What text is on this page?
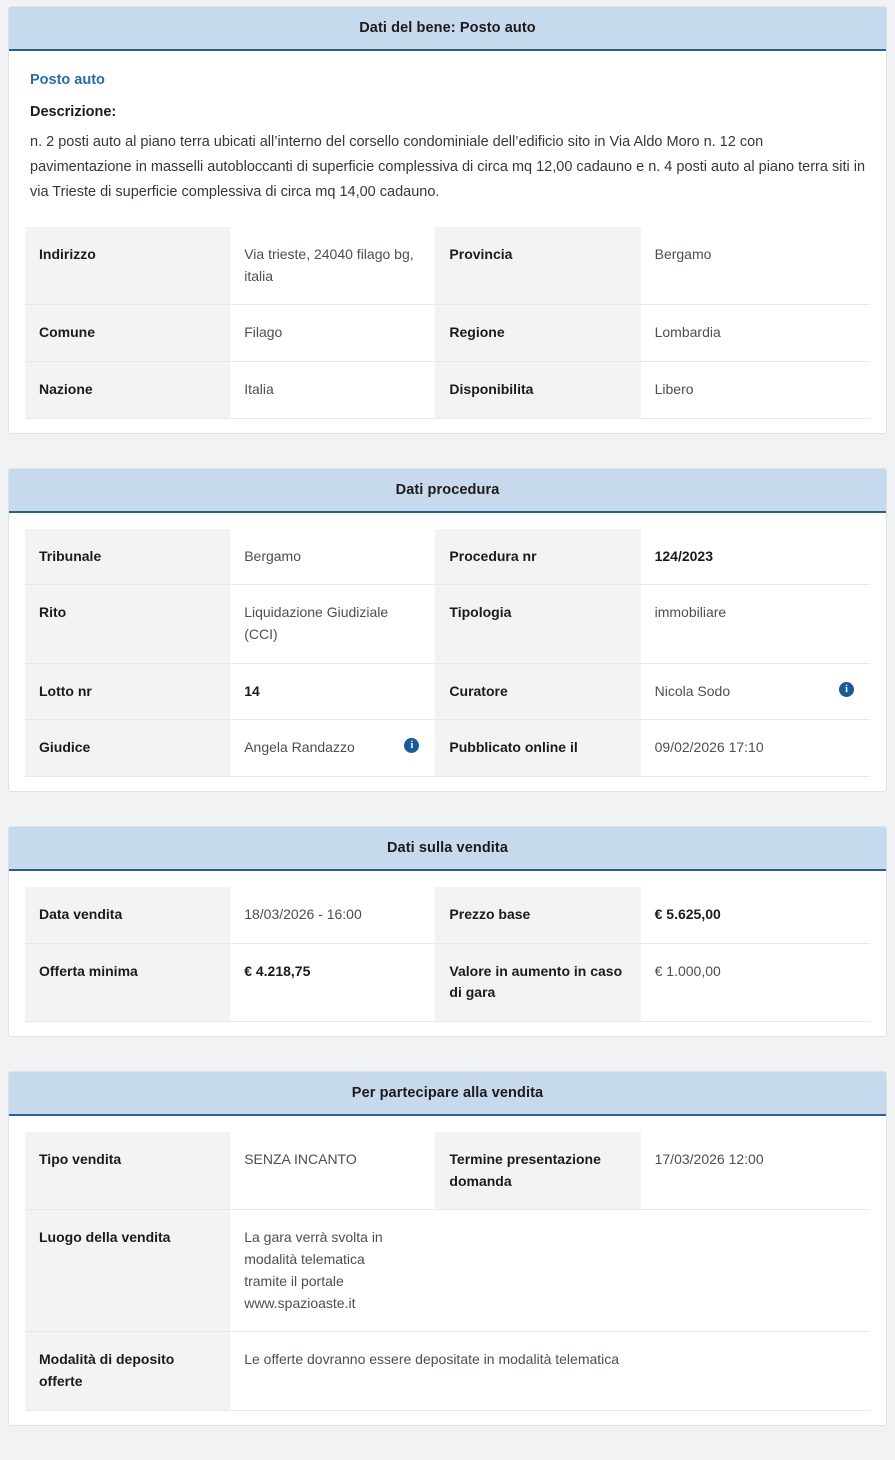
Dati del bene: Posto auto
Posto auto
Descrizione:
n. 2 posti auto al piano terra ubicati all’interno del corsello condominiale dell’edificio sito in Via Aldo Moro n. 12 con pavimentazione in masselli autobloccanti di superficie complessiva di circa mq 12,00 cadauno e n. 4 posti auto al piano terra siti in via Trieste di superficie complessiva di circa mq 14,00 cadauno.
Indirizzo	Via trieste, 24040 filago bg, italia	Provincia	Bergamo
Comune	Filago	Regione	Lombardia
Nazione	Italia	Disponibilita	Libero
Dati procedura
Tribunale	Bergamo	Procedura nr	124/2023
Rito	Liquidazione Giudiziale (CCI)	Tipologia	immobiliare
Lotto nr	14	Curatore	Nicola Sodo i

Giudice	Angela Randazzo i	Pubblicato online il	09/02/2026 17:10
Dati sulla vendita
Data vendita	18/03/2026 - 16:00	Prezzo base	€ 5.625,00
Offerta minima	€ 4.218,75	Valore in aumento in caso di gara	€ 1.000,00
Per partecipare alla vendita
Tipo vendita	SENZA INCANTO	Termine presentazione domanda	17/03/2026 12:00
Luogo della vendita	La gara verrà svolta in modalità telematica tramite il portale www.spazioaste.it		

Modalità di deposito offerte	Le offerte dovranno essere depositate in modalità telematica		
